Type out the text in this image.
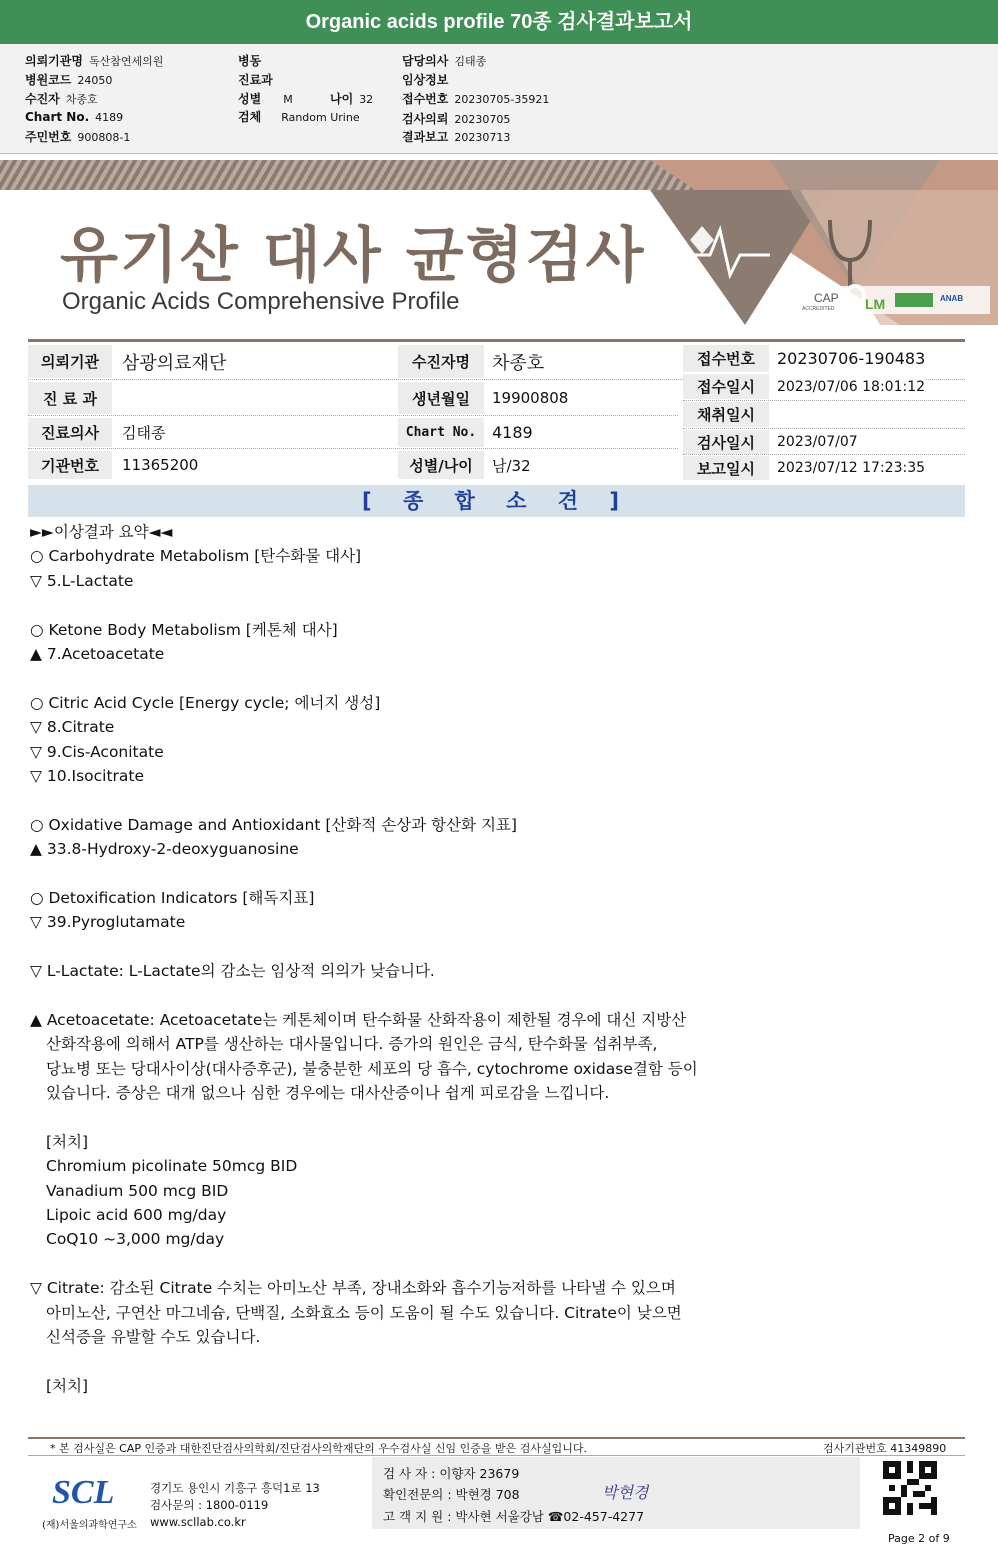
Organic acids profile 70종 검사결과보고서
의뢰기관명 독산참연세의원
병원코드 24050
수진자 차종호
Chart No. 4189
주민번호 900808-1
병동
진료과
성별 M	나이 32
검체 Random Urine
담당의사 김태종
임상정보
접수번호 20230705-35921
검사의뢰 20230705
결과보고 20230713
CAP
ACCREDITED LM	ANAB
유기산 대사 균형검사
Organic Acids Comprehensive Profile
의뢰기관	삼광의료재단
진 료 과
진료의사	김태종
기관번호	11365200
수진자명	차종호
생년월일	19900808
Chart No. 4189
성별/나이	남/32
접수번호	20230706-190483
접수일시	2023/07/06 18:01:12
채취일시
검사일시	2023/07/07
보고일시	2023/07/12 17:23:35
[ 종 합 소 견 ]
►►이상결과 요약◄◄
○ Carbohydrate Metabolism [탄수화물 대사]
▽ 5.L-Lactate
○ Ketone Body Metabolism [케톤체 대사]
▲ 7.Acetoacetate
○ Citric Acid Cycle [Energy cycle; 에너지 생성]
▽ 8.Citrate
▽ 9.Cis-Aconitate
▽ 10.Isocitrate
○ Oxidative Damage and Antioxidant [산화적 손상과 항산화 지표]
▲ 33.8-Hydroxy-2-deoxyguanosine
○ Detoxification Indicators [해독지표]
▽ 39.Pyroglutamate
▽ L-Lactate: L-Lactate의 감소는 임상적 의의가 낮습니다.
▲ Acetoacetate: Acetoacetate는 케톤체이며 탄수화물 산화작용이 제한될 경우에 대신 지방산
산화작용에 의해서 ATP를 생산하는 대사물입니다. 증가의 원인은 금식, 탄수화물 섭취부족,
당뇨병 또는 당대사이상(대사증후군), 불충분한 세포의 당 흡수, cytochrome oxidase결함 등이
있습니다. 증상은 대개 없으나 심한 경우에는 대사산증이나 쉽게 피로감을 느낍니다.
[처치]
Chromium picolinate 50mcg BID
Vanadium 500 mcg BID
Lipoic acid 600 mg/day
CoQ10 ~3,000 mg/day
▽ Citrate: 감소된 Citrate 수치는 아미노산 부족, 장내소화와 흡수기능저하를 나타낼 수 있으며
아미노산, 구연산 마그네슘, 단백질, 소화효소 등이 도움이 될 수도 있습니다. Citrate이 낮으면
신석증을 유발할 수도 있습니다.
[처치]
* 본 검사실은 CAP 인증과 대한진단검사의학회/진단검사의학재단의 우수검사실 신임 인증을 받은 검사실입니다.	검사기관번호 41349890
SCL
(재)서울의과학연구소
경기도 용인시 기흥구 흥덕1로 13
검사문의 : 1800-0119
www.scllab.co.kr
검 사 자 : 이향자 23679
확인전문의 : 박현경 708
고 객 지 원 : 박사현 서울강남 ☎02-457-4277
박현경
Page 2 of 9
